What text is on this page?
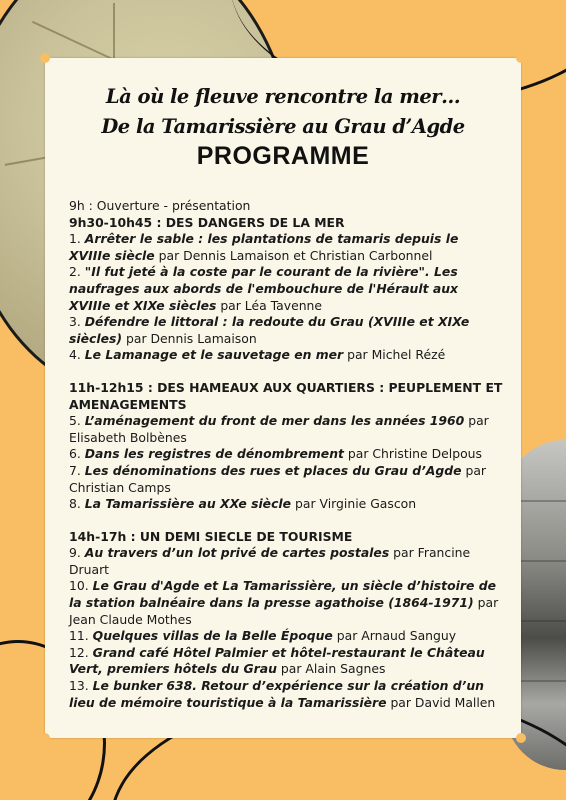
Là où le fleuve rencontre la mer…
De la Tamarissière au Grau d’Agde
PROGRAMME

9h : Ouverture - présentation

9h30-10h45 : DES DANGERS DE LA MER

1. Arrêter le sable : les plantations de tamaris depuis le XVIIIe siècle par Dennis Lamaison et Christian Carbonnel

2. "Il fut jeté à la coste par le courant de la rivière". Les naufrages aux abords de l'embouchure de l'Hérault aux XVIIIe et XIXe siècles par Léa Tavenne

3. Défendre le littoral : la redoute du Grau (XVIIIe et XIXe siècles) par Dennis Lamaison

4. Le Lamanage et le sauvetage en mer par Michel Rézé

11h-12h15 : DES HAMEAUX AUX QUARTIERS : PEUPLEMENT ET AMENAGEMENTS

5. L’aménagement du front de mer dans les années 1960 par Elisabeth Bolbènes

6. Dans les registres de dénombrement par Christine Delpous

7. Les dénominations des rues et places du Grau d’Agde par Christian Camps

8. La Tamarissière au XXe siècle par Virginie Gascon

14h-17h : UN DEMI SIECLE DE TOURISME

9. Au travers d’un lot privé de cartes postales par Francine Druart

10. Le Grau d'Agde et La Tamarissière, un siècle d’histoire de la station balnéaire dans la presse agathoise (1864-1971) par Jean Claude Mothes

11. Quelques villas de la Belle Époque par Arnaud Sanguy

12. Grand café Hôtel Palmier et hôtel-restaurant le Château Vert, premiers hôtels du Grau par Alain Sagnes

13. Le bunker 638. Retour d’expérience sur la création d’un lieu de mémoire touristique à la Tamarissière par David Mallen
